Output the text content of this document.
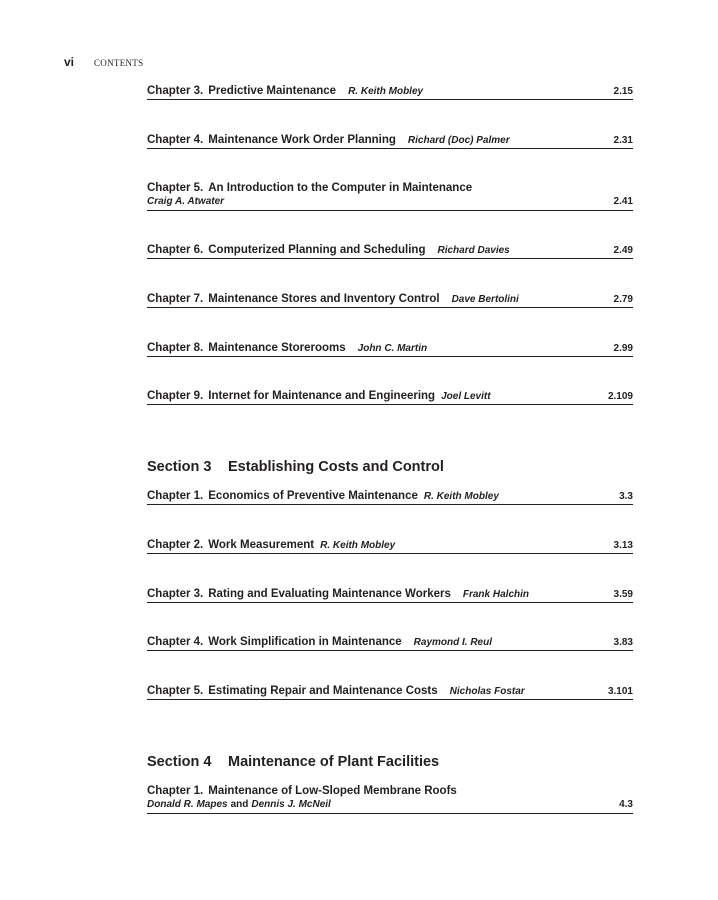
vi	CONTENTS
Chapter 3. Predictive Maintenance R. Keith Mobley	2.15
Chapter 4. Maintenance Work Order Planning Richard (Doc) Palmer	2.31
Chapter 5. An Introduction to the Computer in Maintenance
Craig A. Atwater	2.41
Chapter 6. Computerized Planning and Scheduling Richard Davies	2.49
Chapter 7. Maintenance Stores and Inventory Control Dave Bertolini	2.79
Chapter 8. Maintenance Storerooms John C. Martin	2.99
Chapter 9. Internet for Maintenance and Engineering Joel Levitt	2.109
Section 3	Establishing Costs and Control
Chapter 1. Economics of Preventive Maintenance R. Keith Mobley	3.3
Chapter 2. Work Measurement R. Keith Mobley	3.13
Chapter 3. Rating and Evaluating Maintenance Workers Frank Halchin	3.59
Chapter 4. Work Simplification in Maintenance Raymond I. Reul	3.83
Chapter 5. Estimating Repair and Maintenance Costs Nicholas Fostar	3.101
Section 4	Maintenance of Plant Facilities
Chapter 1. Maintenance of Low-Sloped Membrane Roofs
Donald R. Mapes and Dennis J. McNeil	4.3
